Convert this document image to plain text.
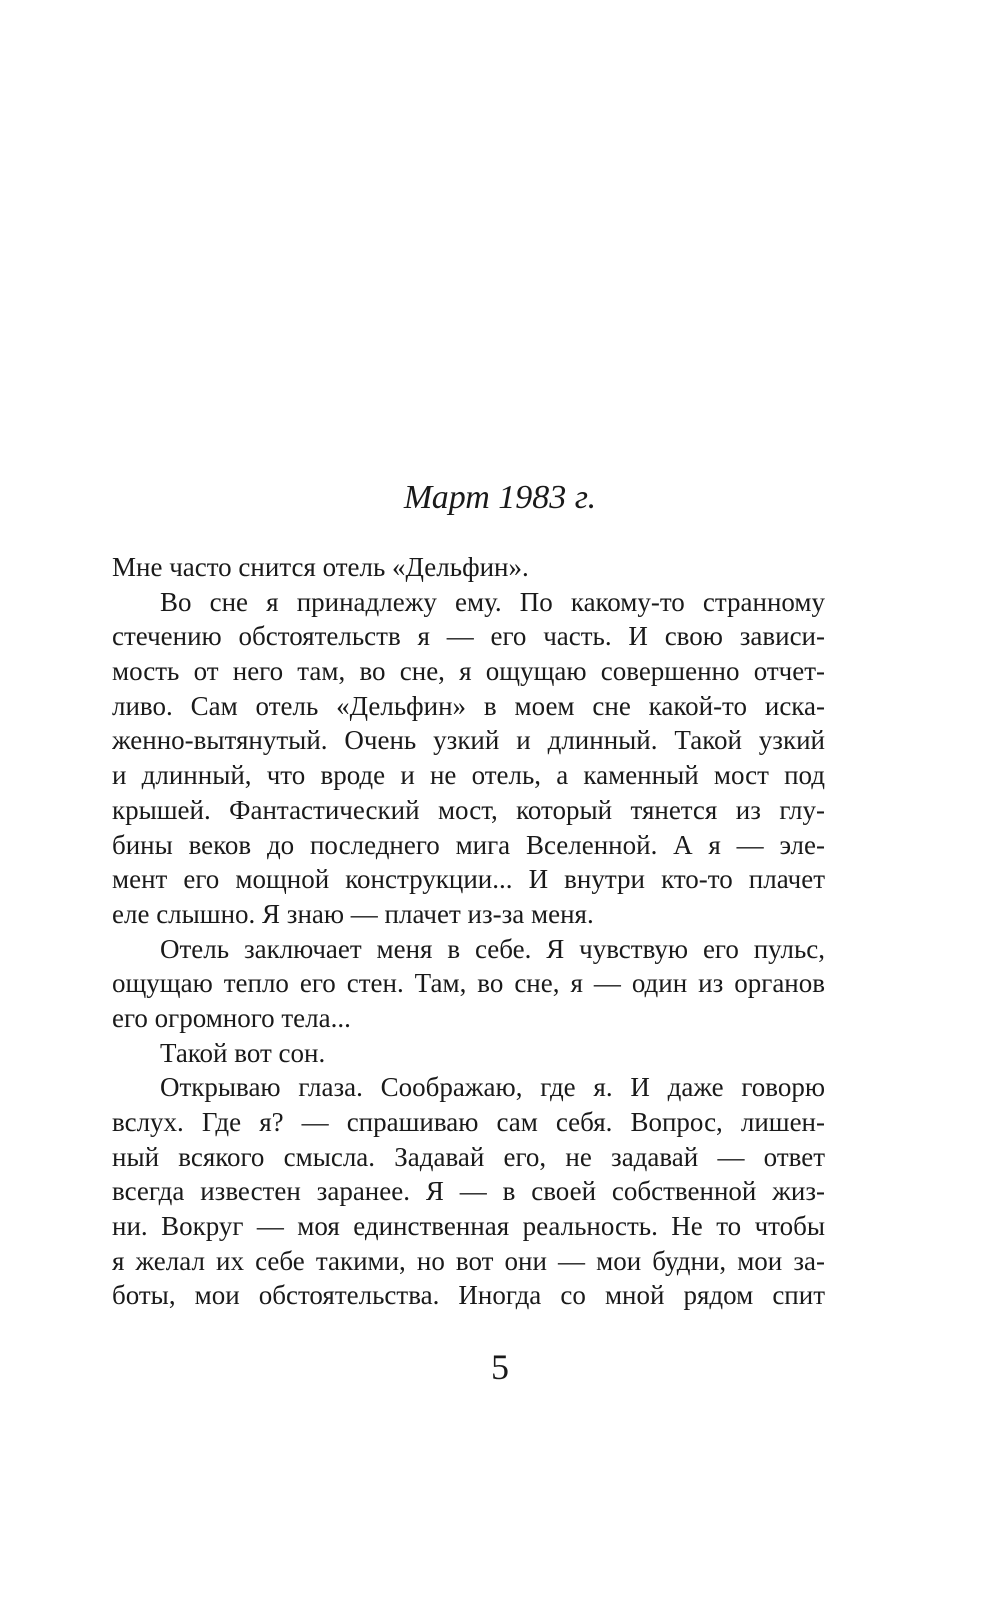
Март 1983 г.
Мне часто снится отель «Дельфин».
Во сне я принадлежу ему. По какому-то странному
стечению обстоятельств я — его часть. И свою зависи-
мость от него там, во сне, я ощущаю совершенно отчет-
ливо. Сам отель «Дельфин» в моем сне какой-то иска-
женно-вытянутый. Очень узкий и длинный. Такой узкий
и длинный, что вроде и не отель, а каменный мост под
крышей. Фантастический мост, который тянется из глу-
бины веков до последнего мига Вселенной. А я — эле-
мент его мощной конструкции... И внутри кто-то плачет
еле слышно. Я знаю — плачет из-за меня.
Отель заключает меня в себе. Я чувствую его пульс,
ощущаю тепло его стен. Там, во сне, я — один из органов
его огромного тела...
Такой вот сон.
Открываю глаза. Соображаю, где я. И даже говорю
вслух. Где я? — спрашиваю сам себя. Вопрос, лишен-
ный всякого смысла. Задавай его, не задавай — ответ
всегда известен заранее. Я — в своей собственной жиз-
ни. Вокруг — моя единственная реальность. Не то чтобы
я желал их себе такими, но вот они — мои будни, мои за-
боты, мои обстоятельства. Иногда со мной рядом спит
5
